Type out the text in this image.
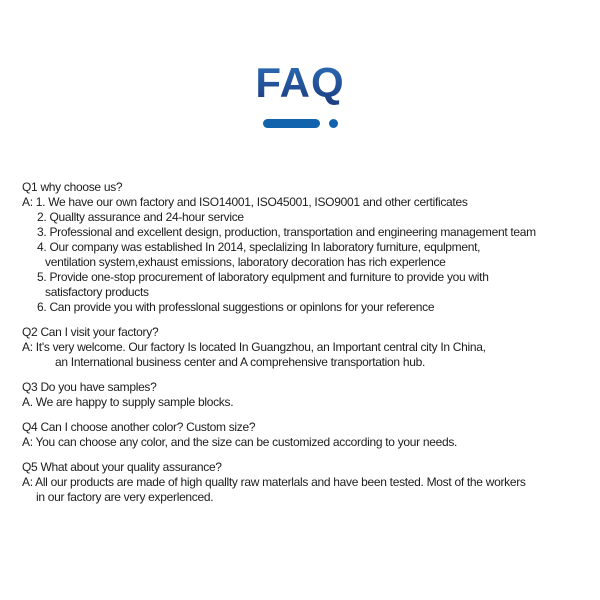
FAQ
Q1 why choose us?
A: 1. We have our own factory and ISO14001, ISO45001, ISO9001 and other certificates
2. Quallty assurance and 24-hour service
3. Professional and excellent design, production, transportation and engineering management team
4. Our company was established In 2014, speclalizing In laboratory furniture, equlpment,
ventilation system,exhaust emissions, laboratory decoration has rich experlence
5. Provide one-stop procurement of laboratory equlpment and furniture to provide you with
satisfactory products
6. Can provide you with professlonal suggestions or opinlons for your reference
Q2 Can I visit your factory?
A: It's very welcome. Our factory Is located In Guangzhou, an Important central city In China,
an International business center and A comprehensive transportation hub.
Q3 Do you have samples?
A. We are happy to supply sample blocks.
Q4 Can I choose another color? Custom size?
A: You can choose any color, and the size can be customized according to your needs.
Q5 What about your quality assurance?
A: All our products are made of high quallty raw materlals and have been tested. Most of the workers
in our factory are very experlenced.
